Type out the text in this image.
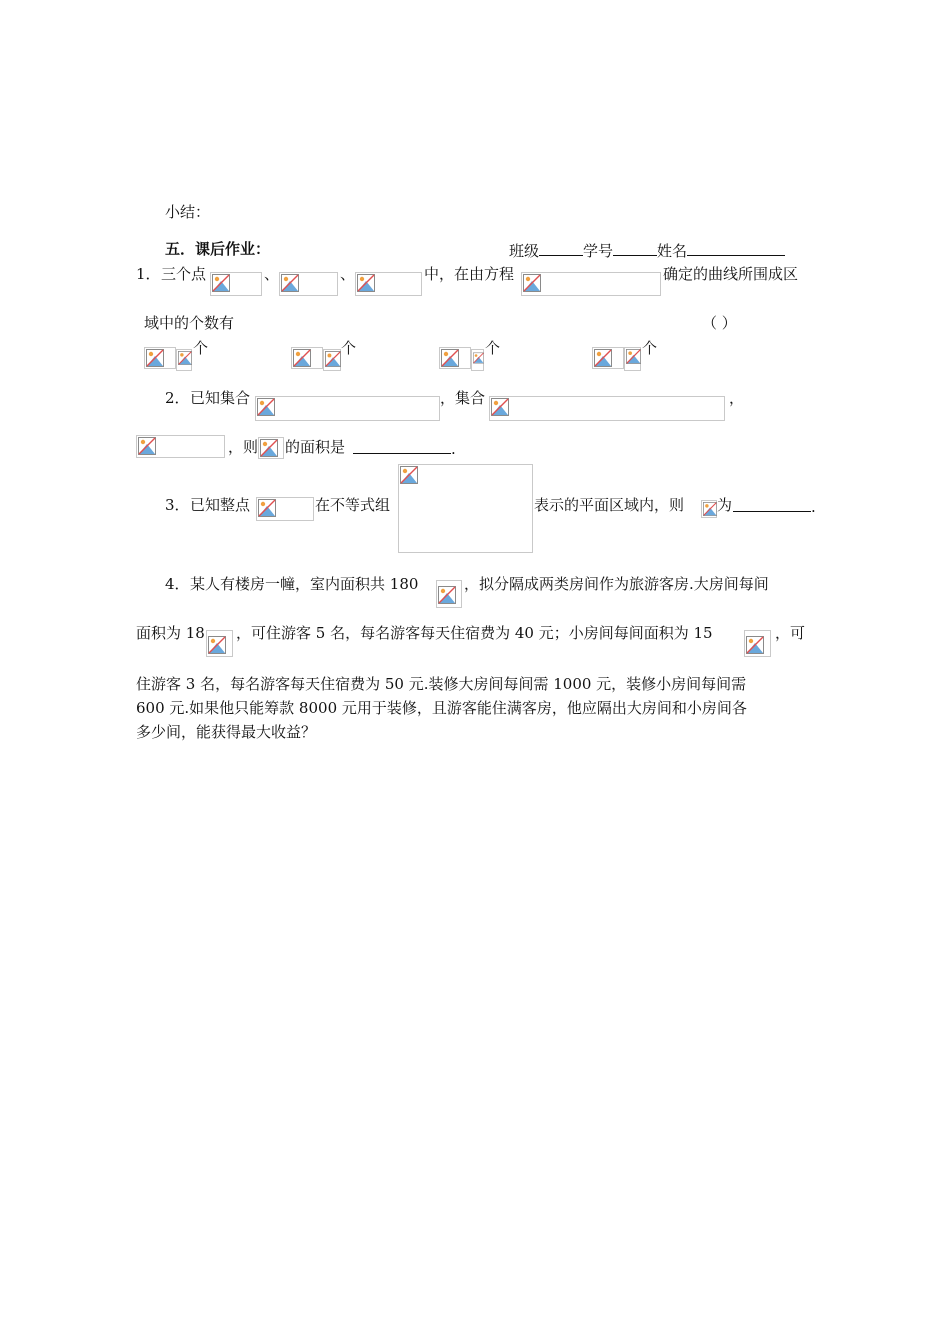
小结：
五．课后作业：	班级	学号	姓名
1． 三个点	、	、	中，在由方程	确定的曲线所围成区
域中的个数有	（ ）
个	个	个	个
2． 已知集合	，集合	，
，则 的面积是	.
3． 已知整点	在不等式组	表示的平面区域内，则 为	.
4． 某人有楼房一幢，室内面积共 180	，拟分隔成两类房间作为旅游客房.大房间每间
面积为 18 ，可住游客 5 名，每名游客每天住宿费为 40 元；小房间每间面积为 15	，可
住游客 3 名，每名游客每天住宿费为 50 元.装修大房间每间需 1000 元，装修小房间每间需
600 元.如果他只能筹款 8000 元用于装修，且游客能住满客房，他应隔出大房间和小房间各
多少间，能获得最大收益？
